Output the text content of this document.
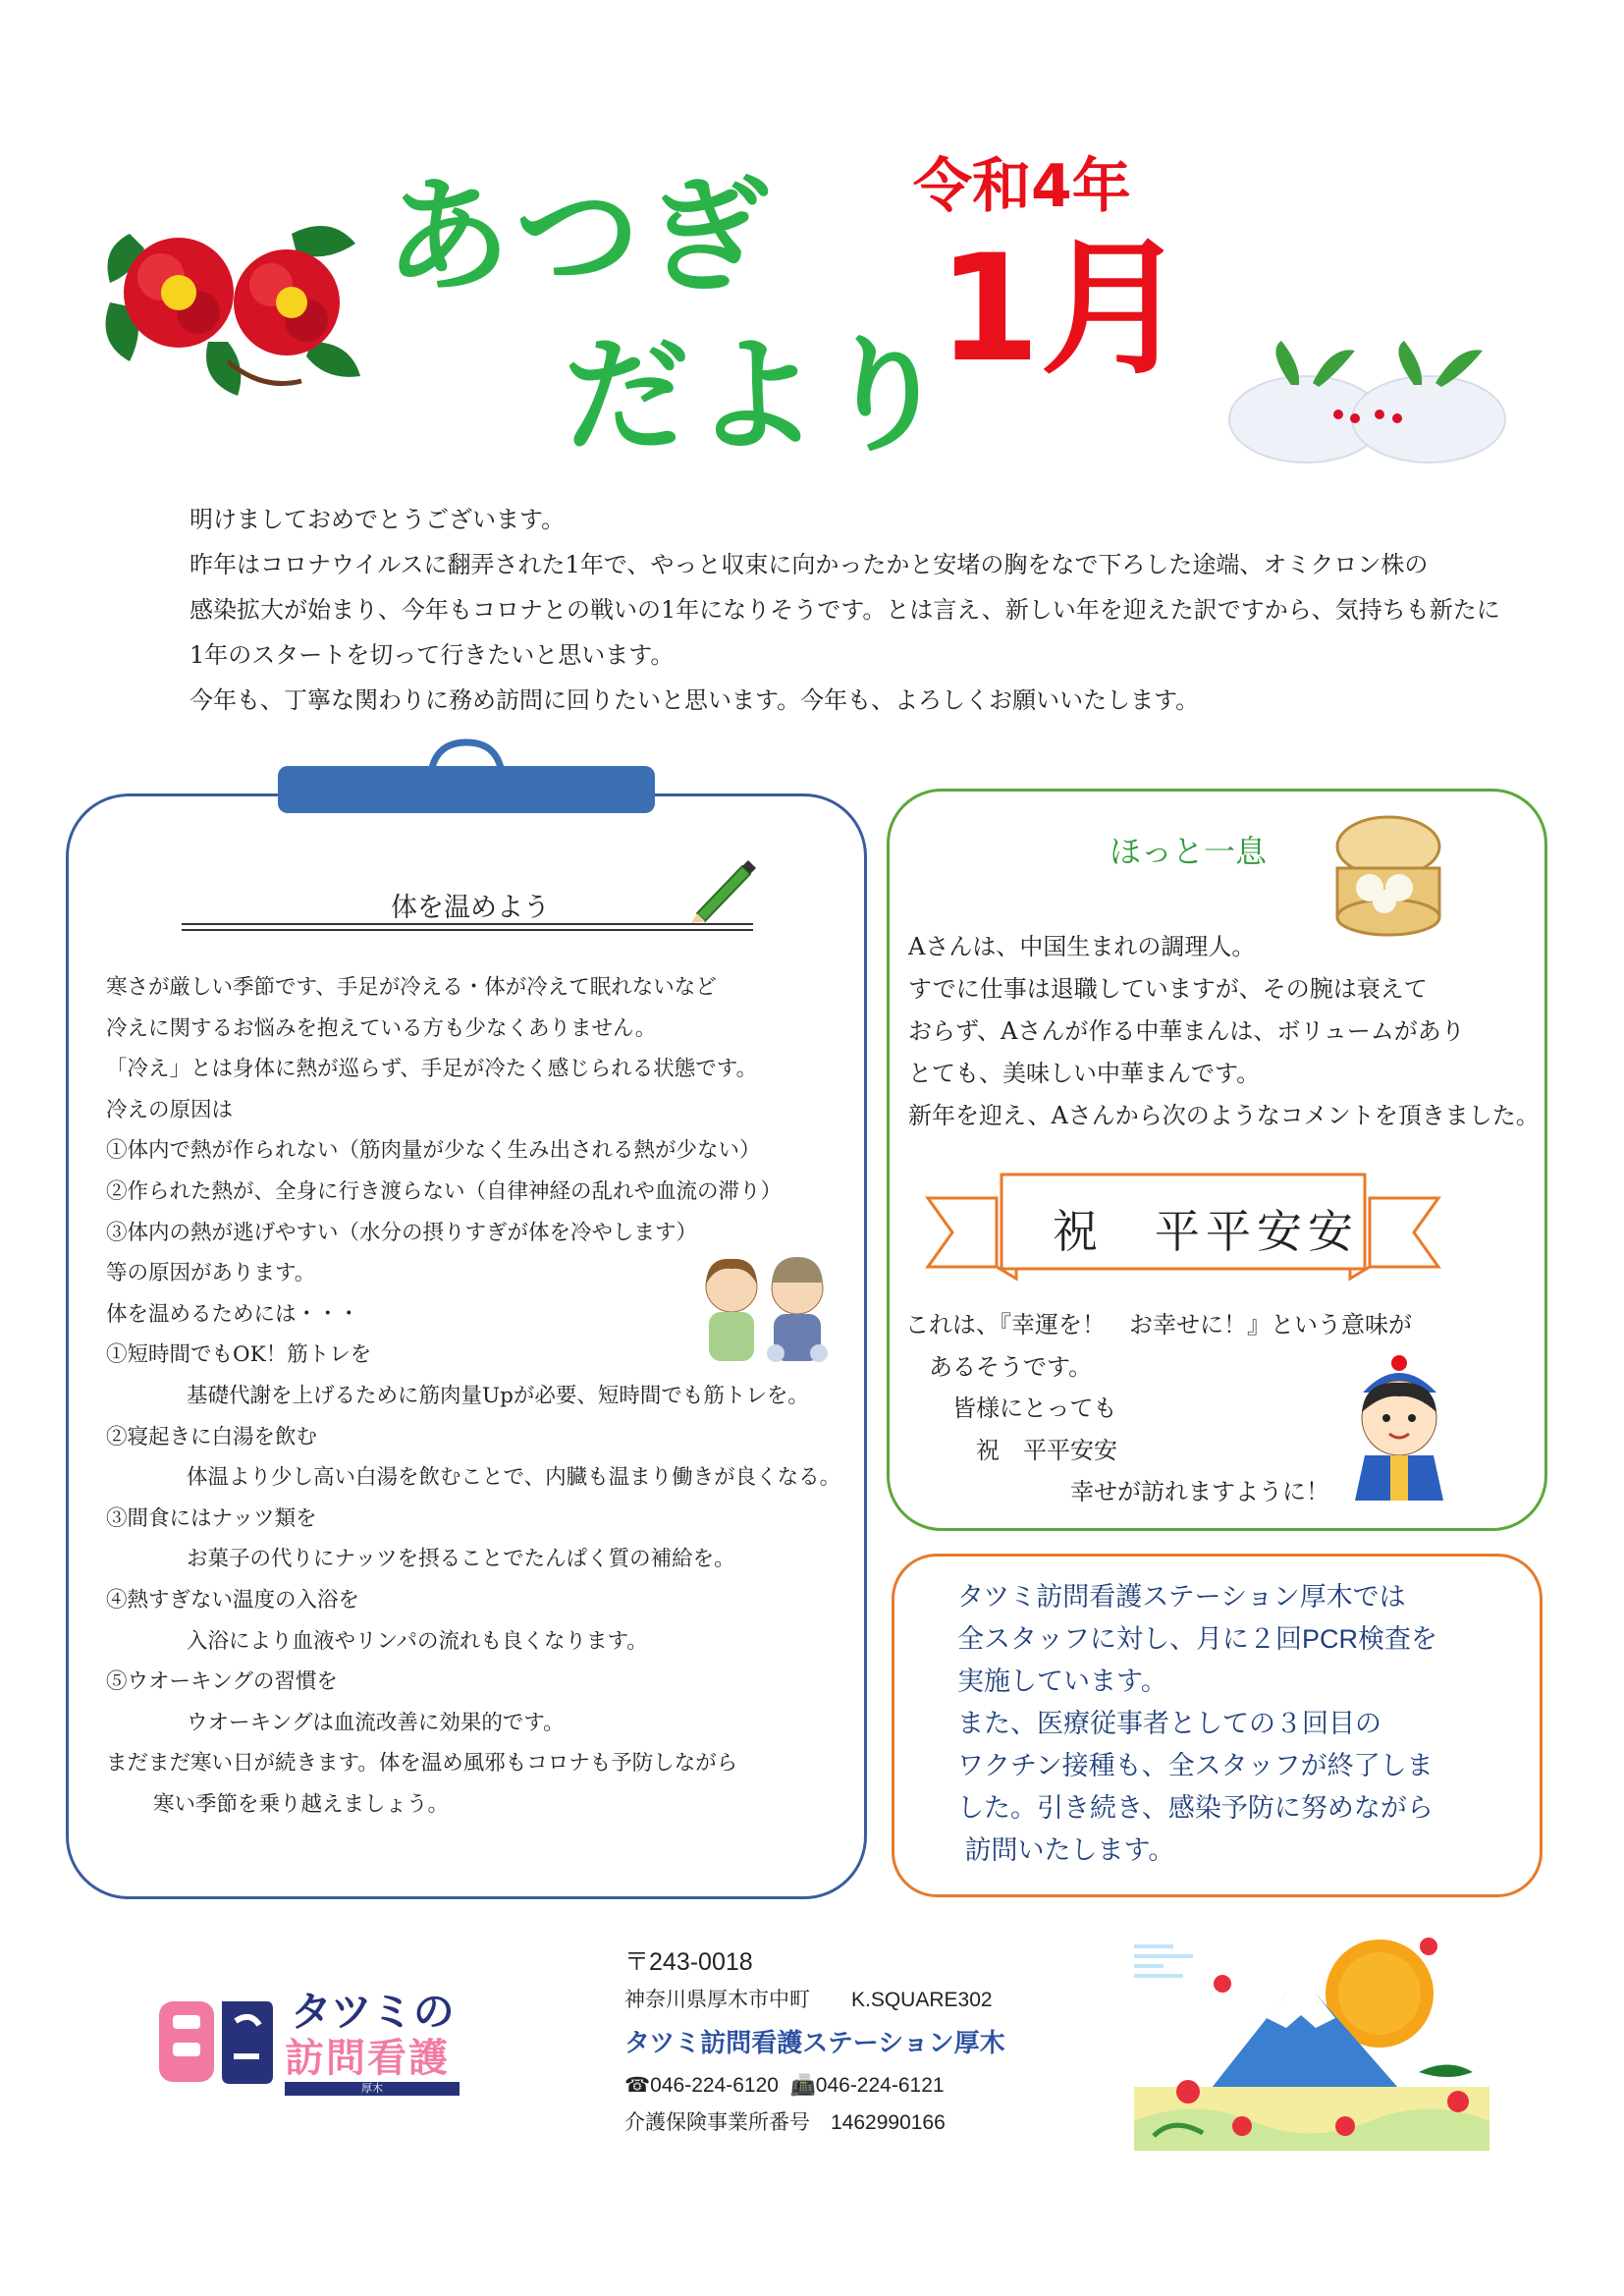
あつぎ
だより
令和4年
1月

明けましておめでとうございます。

昨年はコロナウイルスに翻弄された1年で、やっと収束に向かったかと安堵の胸をなで下ろした途端、オミクロン株の

感染拡大が始まり、今年もコロナとの戦いの1年になりそうです。とは言え、新しい年を迎えた訳ですから、気持ちも新たに

1年のスタートを切って行きたいと思います。

今年も、丁寧な関わりに務め訪問に回りたいと思います。今年も、よろしくお願いいたします。

体を温めよう

寒さが厳しい季節です、手足が冷える・体が冷えて眠れないなど

冷えに関するお悩みを抱えている方も少なくありません。

「冷え」とは身体に熱が巡らず、手足が冷たく感じられる状態です。

冷えの原因は

①体内で熱が作られない（筋肉量が少なく生み出される熱が少ない）

②作られた熱が、全身に行き渡らない（自律神経の乱れや血流の滞り）

③体内の熱が逃げやすい（水分の摂りすぎが体を冷やします）

等の原因があります。

体を温めるためには・・・

①短時間でもOK！筋トレを

基礎代謝を上げるために筋肉量Upが必要、短時間でも筋トレを。

②寝起きに白湯を飲む

体温より少し高い白湯を飲むことで、内臓も温まり働きが良くなる。

③間食にはナッツ類を

お菓子の代りにナッツを摂ることでたんぱく質の補給を。

④熱すぎない温度の入浴を

入浴により血液やリンパの流れも良くなります。

⑤ウオーキングの習慣を

ウオーキングは血流改善に効果的です。

まだまだ寒い日が続きます。体を温め風邪もコロナも予防しながら

寒い季節を乗り越えましょう。

ほっと一息

Aさんは、中国生まれの調理人。

すでに仕事は退職していますが、その腕は衰えて

おらず、Aさんが作る中華まんは、ボリュームがあり

とても、美味しい中華まんです。

新年を迎え、Aさんから次のようなコメントを頂きました。

祝　平平安安

これは、『幸運を！　お幸せに！』という意味が

　あるそうです。

　　皆様にとっても

　　　祝　平平安安

　　　　　　　幸せが訪れますように！

タツミ訪問看護ステーション厚木では

全スタッフに対し、月に２回PCR検査を

実施しています。

また、医療従事者としての３回目の

ワクチン接種も、全スタッフが終了しま

した。引き続き、感染予防に努めながら

訪問いたします。

タツミの
訪問看護
厚木

〒243-0018

神奈川県厚木市中町　　K.SQUARE302

タツミ訪問看護ステーション厚木

☎046-224-6120 📠046-224-6121

介護保険事業所番号　 1462990166
